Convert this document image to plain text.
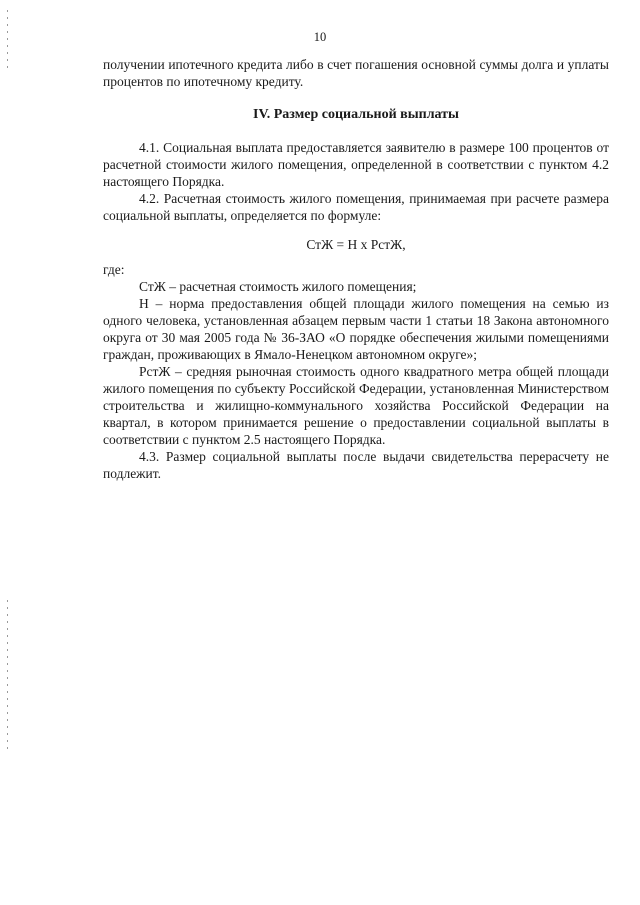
10

получении ипотечного кредита либо в счет погашения основной суммы долга и уплаты процентов по ипотечному кредиту.

IV. Размер социальной выплаты

4.1. Социальная выплата предоставляется заявителю в размере 100 процентов от расчетной стоимости жилого помещения, определенной в соответствии с пунктом 4.2 настоящего Порядка.

4.2. Расчетная стоимость жилого помещения, принимаемая при расчете размера социальной выплаты, определяется по формуле:

СтЖ = Н х РстЖ,

где:

СтЖ – расчетная стоимость жилого помещения;

Н – норма предоставления общей площади жилого помещения на семью из одного человека, установленная абзацем первым части 1 статьи 18 Закона автономного округа от 30 мая 2005 года № 36-ЗАО «О порядке обеспечения жилыми помещениями граждан, проживающих в Ямало-Ненецком автономном округе»;

РстЖ – средняя рыночная стоимость одного квадратного метра общей площади жилого помещения по субъекту Российской Федерации, установленная Министерством строительства и жилищно-коммунального хозяйства Российской Федерации на квартал, в котором принимается решение о предоставлении социальной выплаты в соответствии с пунктом 2.5 настоящего Порядка.

4.3. Размер социальной выплаты после выдачи свидетельства перерасчету не подлежит.
